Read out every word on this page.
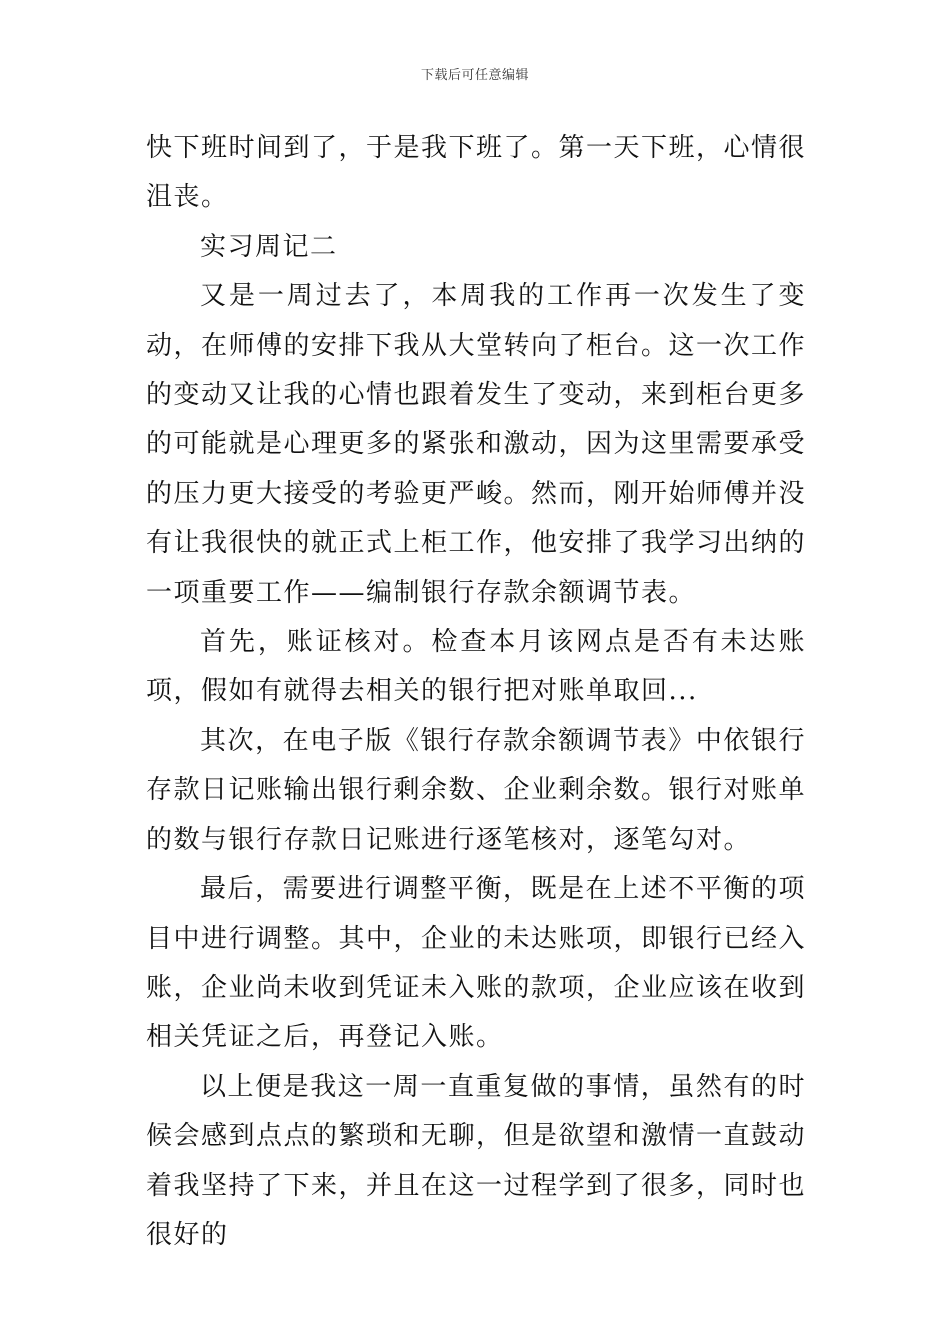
下载后可任意编辑

快下班时间到了，于是我下班了。第一天下班，心情很沮丧。

实习周记二

又是一周过去了，本周我的工作再一次发生了变动，在师傅的安排下我从大堂转向了柜台。这一次工作的变动又让我的心情也跟着发生了变动，来到柜台更多的可能就是心理更多的紧张和激动，因为这里需要承受的压力更大接受的考验更严峻。然而，刚开始师傅并没有让我很快的就正式上柜工作，他安排了我学习出纳的一项重要工作——编制银行存款余额调节表。

首先，账证核对。检查本月该网点是否有未达账项，假如有就得去相关的银行把对账单取回...

其次，在电子版《银行存款余额调节表》中依银行存款日记账输出银行剩余数、企业剩余数。银行对账单的数与银行存款日记账进行逐笔核对，逐笔勾对。

最后，需要进行调整平衡，既是在上述不平衡的项目中进行调整。其中，企业的未达账项，即银行已经入账，企业尚未收到凭证未入账的款项，企业应该在收到相关凭证之后，再登记入账。

以上便是我这一周一直重复做的事情，虽然有的时候会感到点点的繁琐和无聊，但是欲望和激情一直鼓动着我坚持了下来，并且在这一过程学到了很多，同时也很好的
